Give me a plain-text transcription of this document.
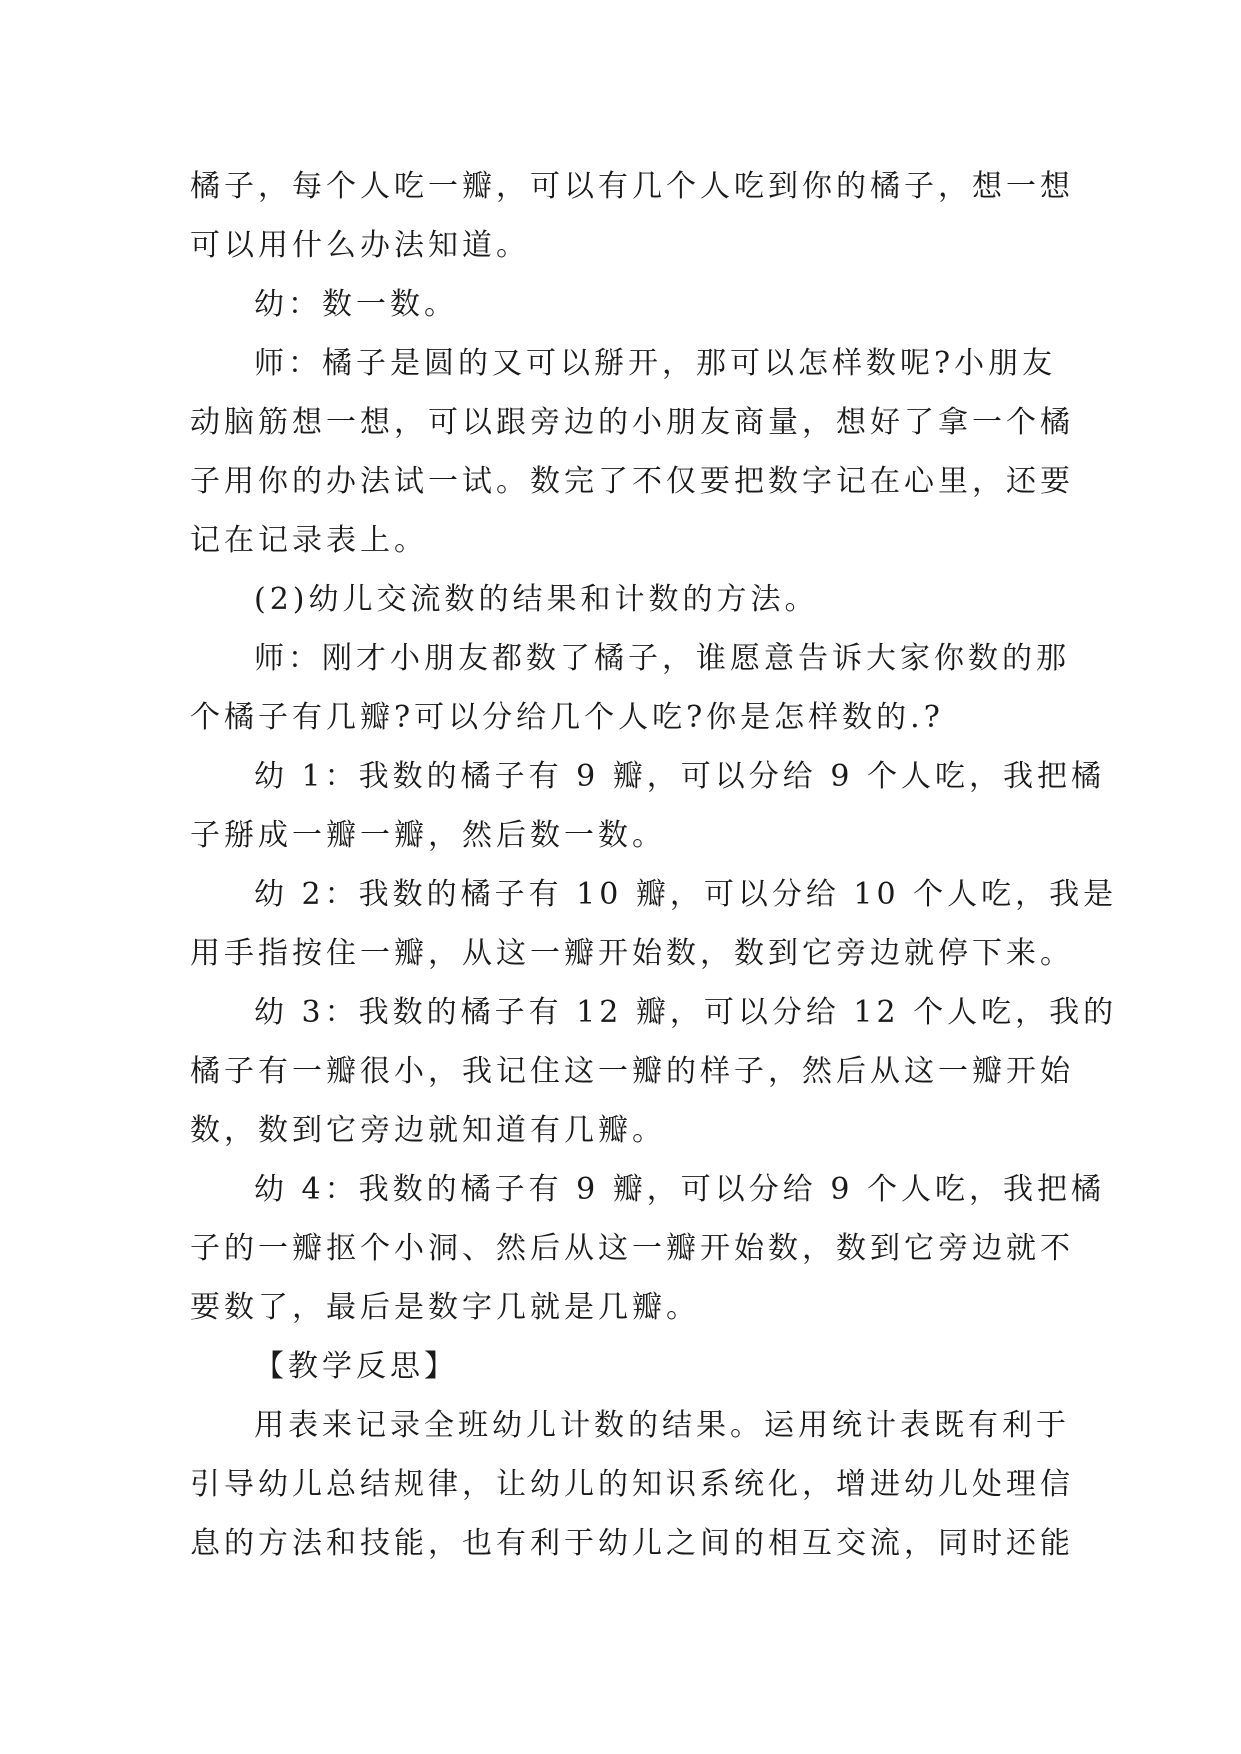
橘子，每个人吃一瓣，可以有几个人吃到你的橘子，想一想
可以用什么办法知道。
幼：数一数。
师：橘子是圆的又可以掰开，那可以怎样数呢?小朋友
动脑筋想一想，可以跟旁边的小朋友商量，想好了拿一个橘
子用你的办法试一试。数完了不仅要把数字记在心里，还要
记在记录表上。
(2)幼儿交流数的结果和计数的方法。
师：刚才小朋友都数了橘子，谁愿意告诉大家你数的那
个橘子有几瓣?可以分给几个人吃?你是怎样数的.?
幼 1：我数的橘子有 9 瓣，可以分给 9 个人吃，我把橘
子掰成一瓣一瓣，然后数一数。
幼 2：我数的橘子有 10 瓣，可以分给 10 个人吃，我是
用手指按住一瓣，从这一瓣开始数，数到它旁边就停下来。
幼 3：我数的橘子有 12 瓣，可以分给 12 个人吃，我的
橘子有一瓣很小，我记住这一瓣的样子，然后从这一瓣开始
数，数到它旁边就知道有几瓣。
幼 4：我数的橘子有 9 瓣，可以分给 9 个人吃，我把橘
子的一瓣抠个小洞、然后从这一瓣开始数，数到它旁边就不
要数了，最后是数字几就是几瓣。
【教学反思】
用表来记录全班幼儿计数的结果。运用统计表既有利于
引导幼儿总结规律，让幼儿的知识系统化，增进幼儿处理信
息的方法和技能，也有利于幼儿之间的相互交流，同时还能
